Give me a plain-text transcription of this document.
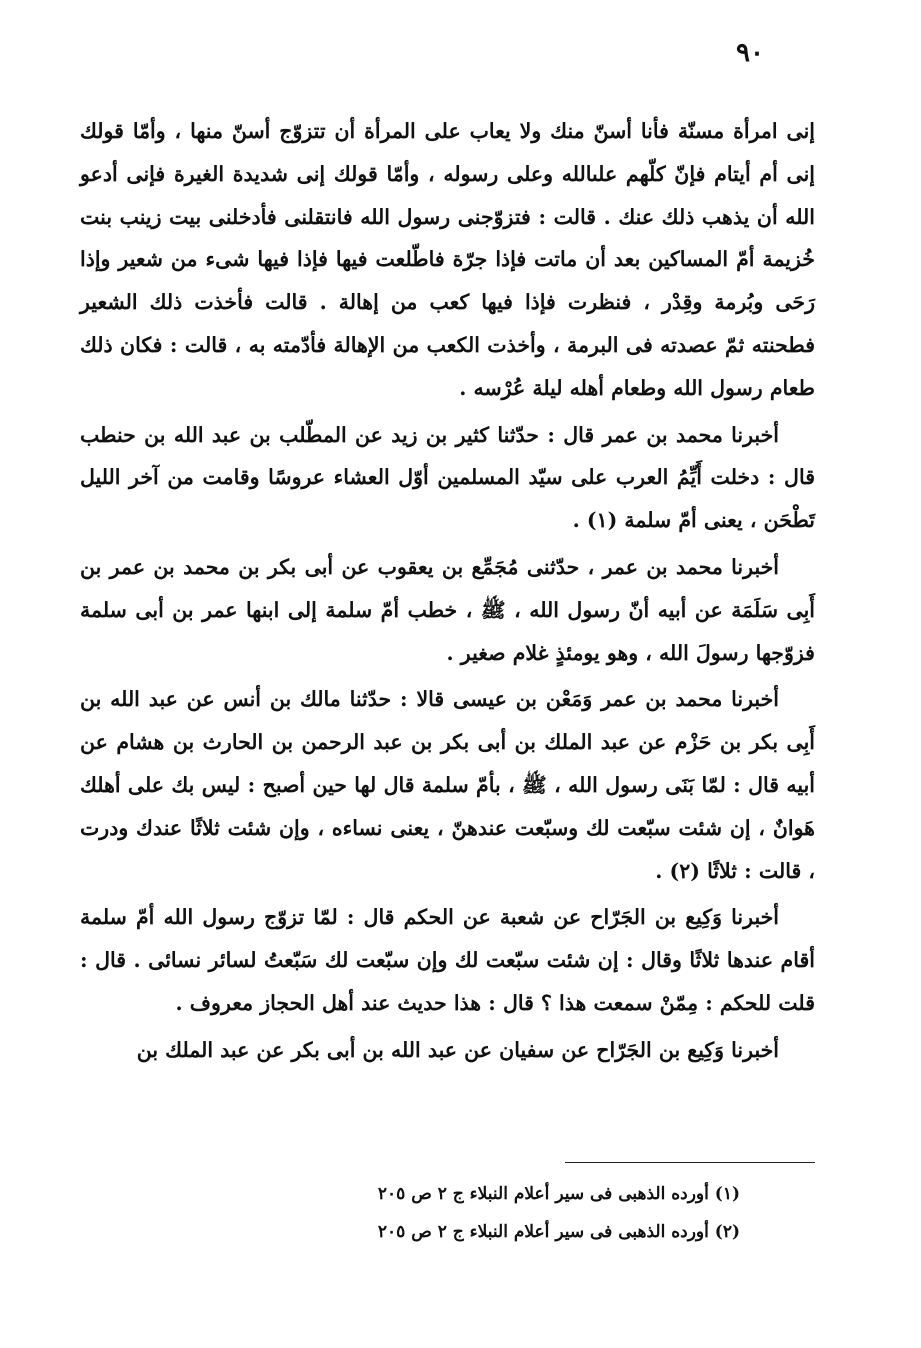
٩٠

إنى امرأة مسنّة فأنا أسنّ منك ولا يعاب على المرأة أن تتزوّج أسنّ منها ، وأمّا قولك إنى أم أيتام فإنّ كلّهم علىالله وعلى رسوله ، وأمّا قولك إنى شديدة الغيرة فإنى أدعو الله أن يذهب ذلك عنك . قالت : فتزوّجنى رسول الله فانتقلنى فأدخلنى بيت زينب بنت خُزيمة أمّ المساكين بعد أن ماتت فإذا جرّة فاطّلعت فيها فإذا فيها شىء من شعير وإذا رَحَى وبُرمة وقِدْر ، فنظرت فإذا فيها كعب من إهالة . قالت فأخذت ذلك الشعير فطحنته ثمّ عصدته فى البرمة ، وأخذت الكعب من الإهالة فأدّمته به ، قالت : فكان ذلك طعام رسول الله وطعام أهله ليلة عُرْسه .

أخبرنا محمد بن عمر قال : حدّثنا كثير بن زيد عن المطّلب بن عبد الله بن حنطب قال : دخلت أَيِّمُ العرب على سيّد المسلمين أوّل العشاء عروسًا وقامت من آخر الليل تَطْحَن ، يعنى أمّ سلمة (١) .

أخبرنا محمد بن عمر ، حدّثنى مُجَمِّع بن يعقوب عن أبى بكر بن محمد بن عمر بن أَبِى سَلَمَة عن أبيه أنّ رسول الله ، ﷺ ، خطب أمّ سلمة إلى ابنها عمر بن أبى سلمة فزوّجها رسولَ الله ، وهو يومئذٍ غلام صغير .

أخبرنا محمد بن عمر وَمَعْن بن عيسى قالا : حدّثنا مالك بن أنس عن عبد الله بن أَبِى بكر بن حَزْم عن عبد الملك بن أبى بكر بن عبد الرحمن بن الحارث بن هشام عن أبيه قال : لمّا بَنَى رسول الله ، ﷺ ، بأمّ سلمة قال لها حين أصبح : ليس بك على أهلك هَوانٌ ، إن شئت سبّعت لك وسبّعت عندهنّ ، يعنى نساءه ، وإن شئت ثلاثًا عندك ودرت ، قالت : ثلاثًا (٢) .

أخبرنا وَكِيع بن الجَرّاح عن شعبة عن الحكم قال : لمّا تزوّج رسول الله أمّ سلمة أقام عندها ثلاثًا وقال : إن شئت سبّعت لك وإن سبّعت لك سَبّعتُ لسائر نسائى . قال : قلت للحكم : مِمّنْ سمعت هذا ؟ قال : هذا حديث عند أهل الحجاز معروف .

أخبرنا وَكِيع بن الجَرّاح عن سفيان عن عبد الله بن أبى بكر عن عبد الملك بن

(١) أورده الذهبى فى سير أعلام النبلاء ج ٢ ص ٢٠٥

(٢) أورده الذهبى فى سير أعلام النبلاء ج ٢ ص ٢٠٥
